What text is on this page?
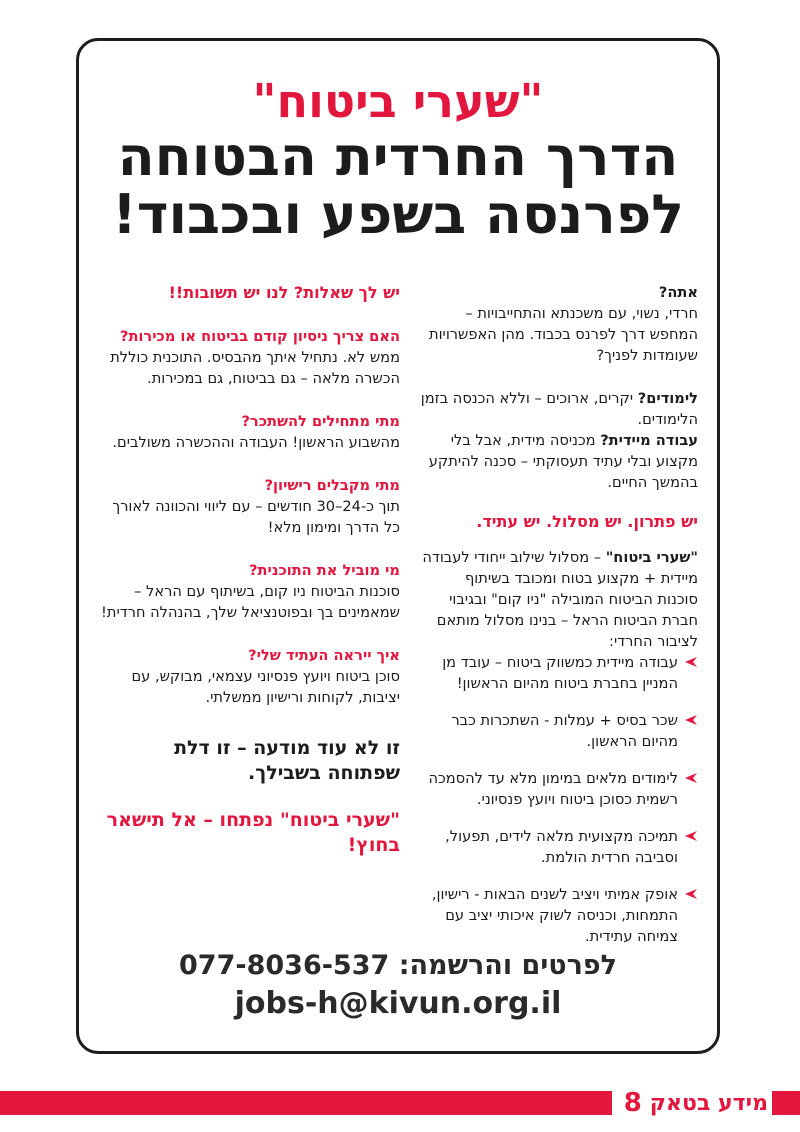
"שערי ביטוח"

הדרך החרדית הבטוחה

לפרנסה בשפע ובכבוד!

אתה?

חרדי, נשוי, עם משכנתא והתחייבויות – המחפש דרך לפרנס בכבוד. מהן האפשרויות שעומדות לפניך?

לימודים? יקרים, ארוכים – וללא הכנסה בזמן הלימודים.

עבודה מיידית? מכניסה מידית, אבל בלי מקצוע ובלי עתיד תעסוקתי – סכנה להיתקע בהמשך החיים.

יש פתרון. יש מסלול. יש עתיד.

"שערי ביטוח" – מסלול שילוב ייחודי לעבודה מיידית + מקצוע בטוח ומכובד בשיתוף סוכנות הביטוח המובילה "ניו קום" ובגיבוי חברת הביטוח הראל – בנינו מסלול מותאם לציבור החרדי:

עבודה מיידית כמשווק ביטוח – עובד מן המניין בחברת ביטוח מהיום הראשון!
שכר בסיס + עמלות - השתכרות כבר מהיום הראשון.
לימודים מלאים במימון מלא עד להסמכה רשמית כסוכן ביטוח ויועץ פנסיוני.
תמיכה מקצועית מלאה לידים, תפעול, וסביבה חרדית הולמת.
אופק אמיתי ויציב לשנים הבאות - רישיון, התמחות, וכניסה לשוק איכותי יציב עם צמיחה עתידית.

יש לך שאלות? לנו יש תשובות!!

האם צריך ניסיון קודם בביטוח או מכירות?

ממש לא. נתחיל איתך מהבסיס. התוכנית כוללת הכשרה מלאה – גם בביטוח, גם במכירות.

מתי מתחילים להשתכר?

מהשבוע הראשון! העבודה וההכשרה משולבים.

מתי מקבלים רישיון?

תוך כ-24–30 חודשים – עם ליווי והכוונה לאורך כל הדרך ומימון מלא!

מי מוביל את התוכנית?

סוכנות הביטוח ניו קום, בשיתוף עם הראל – שמאמינים בך ובפוטנציאל שלך, בהנהלה חרדית!

איך ייראה העתיד שלי?

סוכן ביטוח ויועץ פנסיוני עצמאי, מבוקש, עם יציבות, לקוחות ורישיון ממשלתי.

זו לא עוד מודעה – זו דלת שפתוחה בשבילך.

"שערי ביטוח" נפתחו – אל תישאר בחוץ!

לפרטים והרשמה: 077-8036-537
jobs-h@kivun.org.il
מידע בטאק
8
